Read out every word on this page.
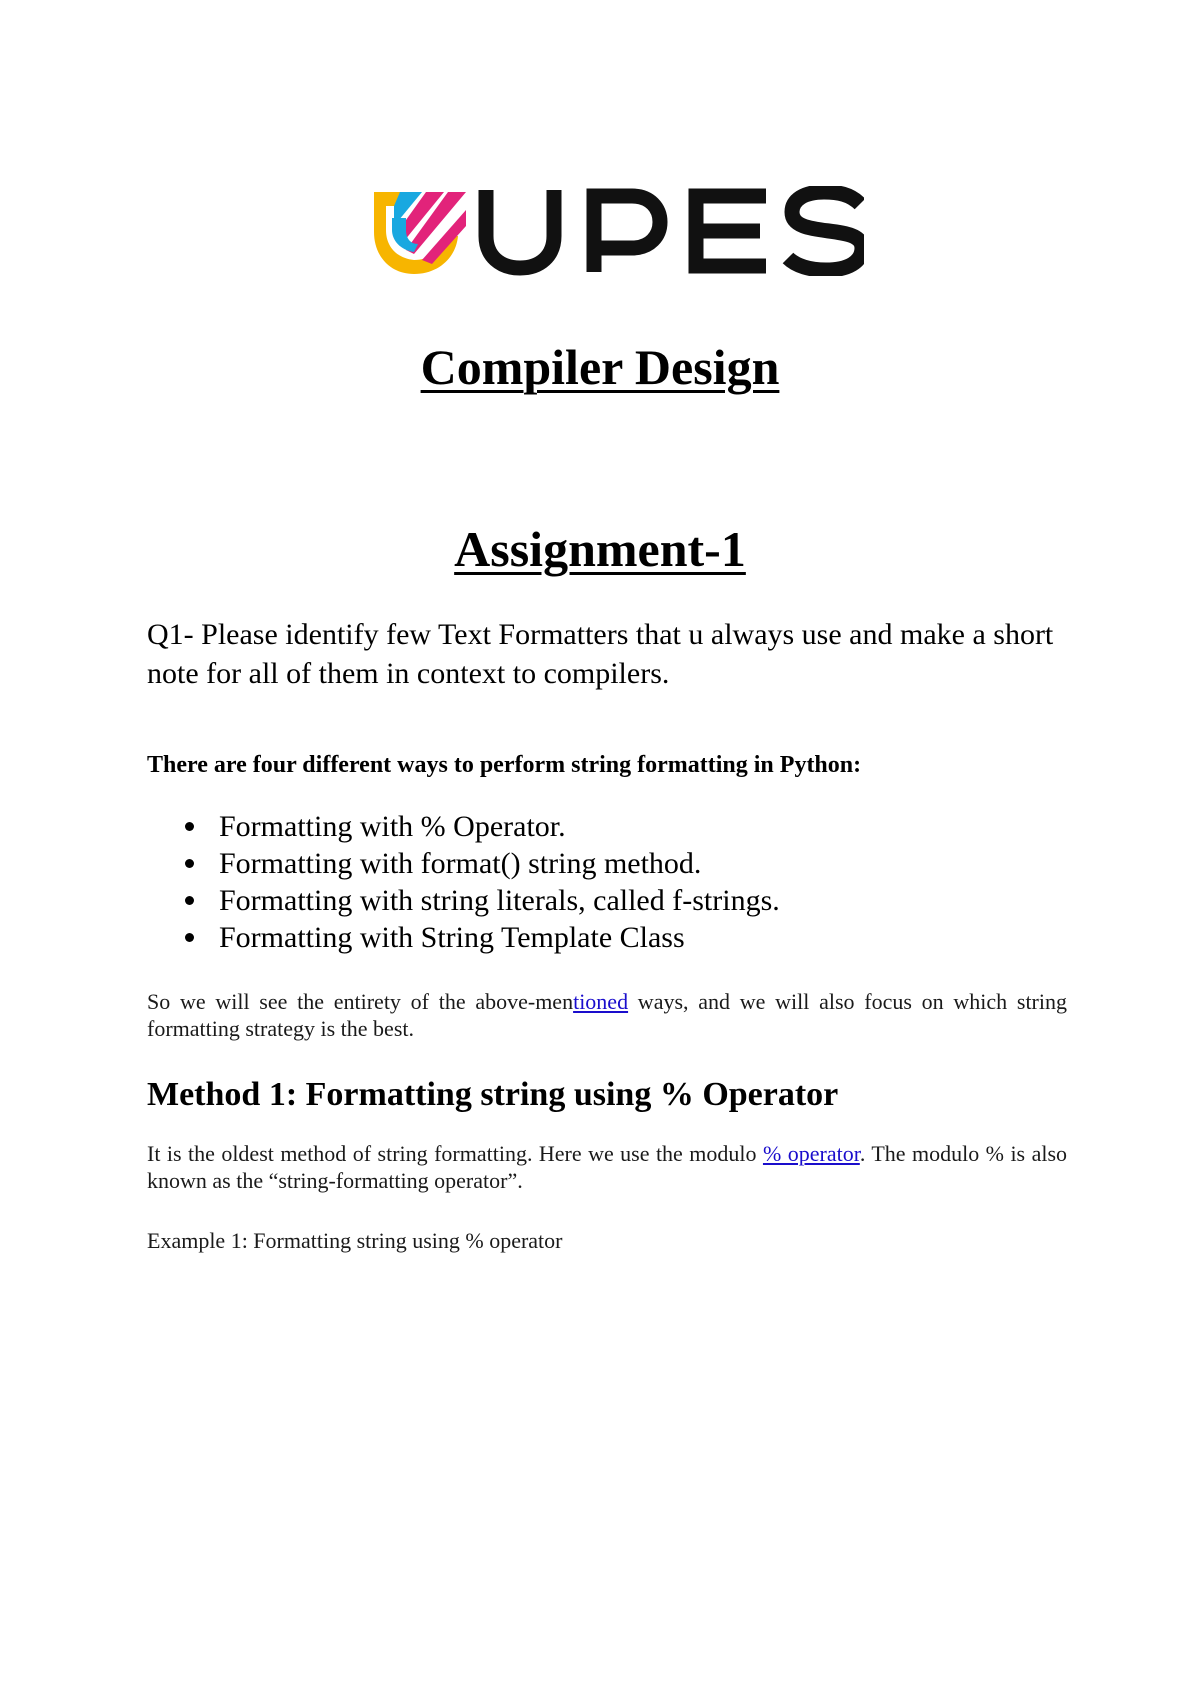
Compiler Design
Assignment-1
Q1- Please identify few Text Formatters that u always use and make a short note for all of them in context to compilers.
There are four different ways to perform string formatting in Python:
Formatting with % Operator.
Formatting with format() string method.
Formatting with string literals, called f-strings.
Formatting with String Template Class
So we will see the entirety of the above-mentioned ways, and we will also focus on which string formatting strategy is the best.
Method 1: Formatting string using % Operator
It is the oldest method of string formatting. Here we use the modulo % operator. The modulo % is also known as the “string-formatting operator”.
Example 1: Formatting string using % operator
